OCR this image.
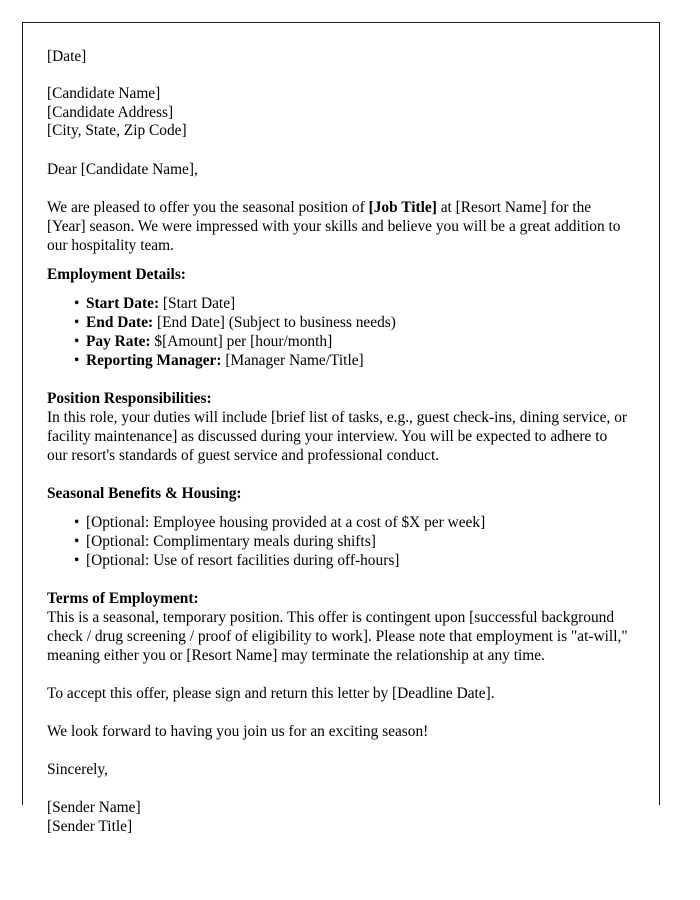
[Date]

[Candidate Name]

[Candidate Address]

[City, State, Zip Code]

Dear [Candidate Name],

We are pleased to offer you the seasonal position of [Job Title] at [Resort Name] for the [Year] season. We were impressed with your skills and believe you will be a great addition to our hospitality team.

Employment Details:

• Start Date: [Start Date]
• End Date: [End Date] (Subject to business needs)
• Pay Rate: $[Amount] per [hour/month]
• Reporting Manager: [Manager Name/Title]

Position Responsibilities:

In this role, your duties will include [brief list of tasks, e.g., guest check-ins, dining service, or facility maintenance] as discussed during your interview. You will be expected to adhere to our resort's standards of guest service and professional conduct.

Seasonal Benefits & Housing:

• [Optional: Employee housing provided at a cost of $X per week]
• [Optional: Complimentary meals during shifts]
• [Optional: Use of resort facilities during off-hours]

Terms of Employment:

This is a seasonal, temporary position. This offer is contingent upon [successful background check / drug screening / proof of eligibility to work]. Please note that employment is "at-will," meaning either you or [Resort Name] may terminate the relationship at any time.

To accept this offer, please sign and return this letter by [Deadline Date].

We look forward to having you join us for an exciting season!

Sincerely,

[Sender Name]

[Sender Title]
